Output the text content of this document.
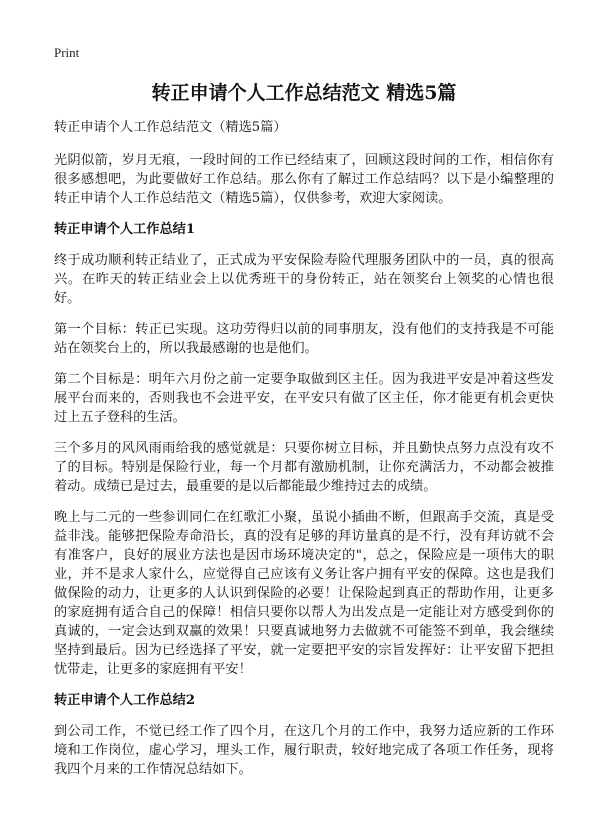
Print
转正申请个人工作总结范文 精选5篇

转正申请个人工作总结范文（精选5篇）

光阴似箭，岁月无痕，一段时间的工作已经结束了，回顾这段时间的工作，相信你有很多感想吧，为此要做好工作总结。那么你有了解过工作总结吗？以下是小编整理的转正申请个人工作总结范文（精选5篇），仅供参考，欢迎大家阅读。

转正申请个人工作总结1

终于成功顺利转正结业了，正式成为平安保险寿险代理服务团队中的一员，真的很高兴。在昨天的转正结业会上以优秀班干的身份转正，站在领奖台上领奖的心情也很好。

第一个目标：转正已实现。这功劳得归以前的同事朋友，没有他们的支持我是不可能站在领奖台上的，所以我最感谢的也是他们。

第二个目标是：明年六月份之前一定要争取做到区主任。因为我进平安是冲着这些发展平台而来的，否则我也不会进平安，在平安只有做了区主任，你才能更有机会更快过上五子登科的生活。

三个多月的风风雨雨给我的感觉就是：只要你树立目标，并且勤快点努力点没有攻不了的目标。特别是保险行业，每一个月都有激励机制，让你充满活力，不动都会被推着动。成绩已是过去，最重要的是以后都能最少维持过去的成绩。

晚上与二元的一些参训同仁在红歌汇小聚，虽说小插曲不断，但跟高手交流，真是受益非浅。能够把保险寿命沿长，真的没有足够的拜访量真的是不行，没有拜访就不会有准客户，良好的展业方法也是因市场环境决定的"，总之，保险应是一项伟大的职业，并不是求人家什么，应觉得自己应该有义务让客户拥有平安的保障。这也是我们做保险的动力，让更多的人认识到保险的必要！让保险起到真正的帮助作用，让更多的家庭拥有适合自己的保障！相信只要你以帮人为出发点是一定能让对方感受到你的真诚的，一定会达到双赢的效果！只要真诚地努力去做就不可能签不到单，我会继续坚持到最后。因为已经选择了平安，就一定要把平安的宗旨发挥好：让平安留下把担忧带走，让更多的家庭拥有平安！

转正申请个人工作总结2

到公司工作，不觉已经工作了四个月，在这几个月的工作中，我努力适应新的工作环境和工作岗位，虚心学习，埋头工作，履行职责，较好地完成了各项工作任务，现将我四个月来的工作情况总结如下。
